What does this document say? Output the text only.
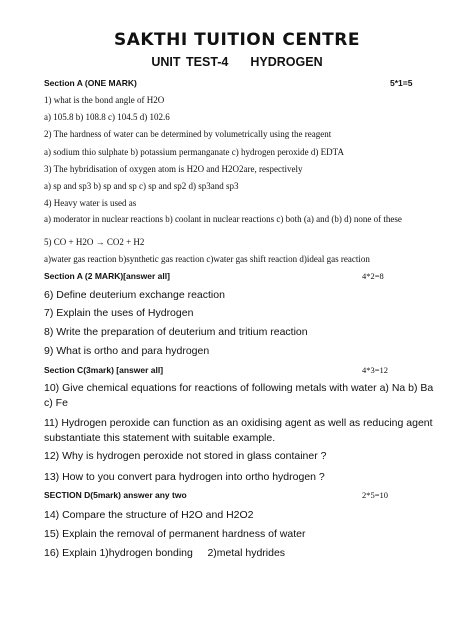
SAKTHI TUITION CENTRE
UNIT TEST-4 HYDROGEN
Section A (ONE MARK)	5*1=5
1) what is the bond angle of H2O
a) 105.8 b) 108.8 c) 104.5 d) 102.6
2) The hardness of water can be determined by volumetrically using the reagent
a) sodium thio sulphate b) potassium permanganate c) hydrogen peroxide d) EDTA
3) The hybridisation of oxygen atom is H2O and H2O2are, respectively
a) sp and sp3 b) sp and sp c) sp and sp2 d) sp3and sp3
4) Heavy water is used as
a) moderator in nuclear reactions b) coolant in nuclear reactions c) both (a) and (b) d) none of these
5) CO + H2O → CO2 + H2
a)water gas reaction b)synthetic gas reaction c)water gas shift reaction d)ideal gas reaction
Section A (2 MARK)[answer all]	4*2=8
6) Define deuterium exchange reaction
7) Explain the uses of Hydrogen
8) Write the preparation of deuterium and tritium reaction
9) What is ortho and para hydrogen
Section C(3mark) [answer all]	4*3=12
10) Give chemical equations for reactions of following metals with water a) Na b) Ba c) Fe
11) Hydrogen peroxide can function as an oxidising agent as well as reducing agent substantiate this statement with suitable example.
12) Why is hydrogen peroxide not stored in glass container ?
13) How to you convert para hydrogen into ortho hydrogen ?
SECTION D(5mark) answer any two	2*5=10
14) Compare the structure of H2O and H2O2
15) Explain the removal of permanent hardness of water
16) Explain 1)hydrogen bonding     2)metal hydrides
